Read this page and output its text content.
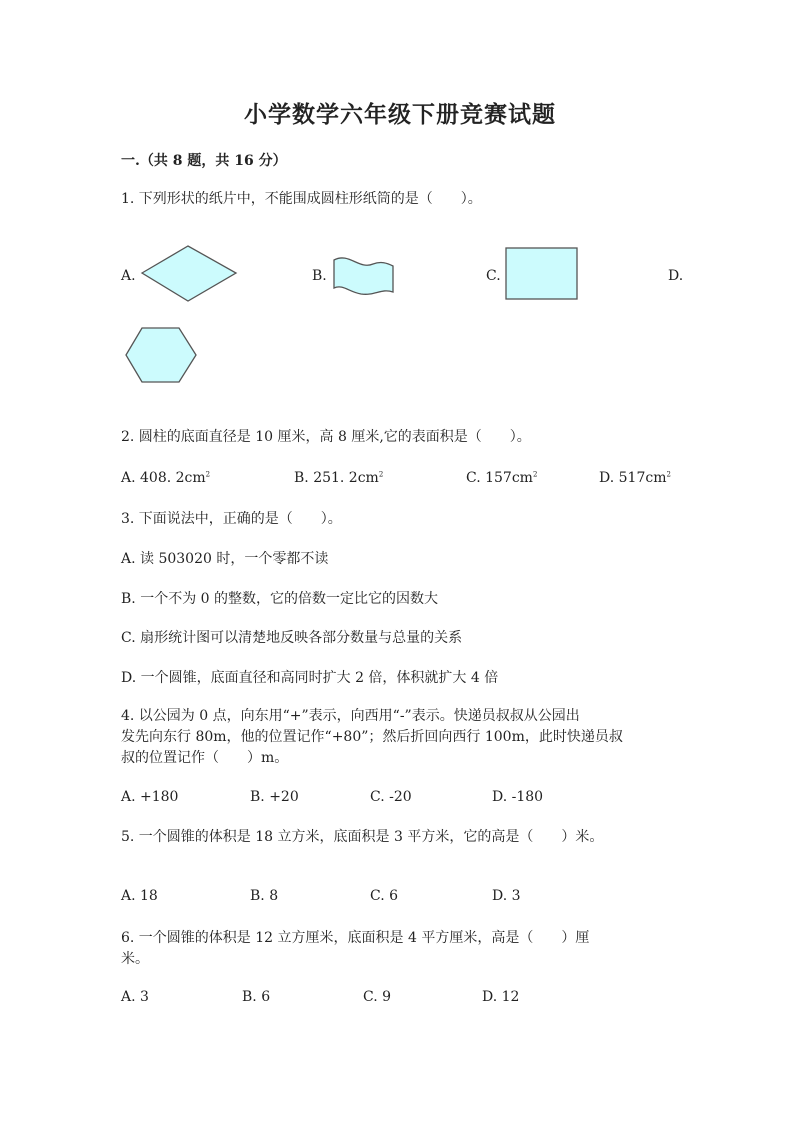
小学数学六年级下册竞赛试题
一.（共 8 题，共 16 分）
1. 下列形状的纸片中，不能围成圆柱形纸筒的是（　　）。
A.	B.	C.	D.
2. 圆柱的底面直径是 10 厘米，高 8 厘米,它的表面积是（　　）。
A. 408. $2cm^2$	B. 251. $2cm^2$	C. $157cm^2$	D. $517cm^2$
3. 下面说法中，正确的是（　　）。
A. 读 503020 时，一个零都不读
B. 一个不为 0 的整数，它的倍数一定比它的因数大
C. 扇形统计图可以清楚地反映各部分数量与总量的关系
D. 一个圆锥，底面直径和高同时扩大 2 倍，体积就扩大 4 倍
4. 以公园为 0 点，向东用“+”表示，向西用“-”表示。快递员叔叔从公园出
发先向东行 80m，他的位置记作“+80”；然后折回向西行 100m，此时快递员叔
叔的位置记作（　　）m。
A. +180	B. +20	C. -20	D. -180
5. 一个圆锥的体积是 18 立方米，底面积是 3 平方米，它的高是（　　）米。
A. 18	B. 8	C. 6	D. 3
6. 一个圆锥的体积是 12 立方厘米，底面积是 4 平方厘米，高是（　　）厘
米。
A. 3	B. 6	C. 9	D. 12
